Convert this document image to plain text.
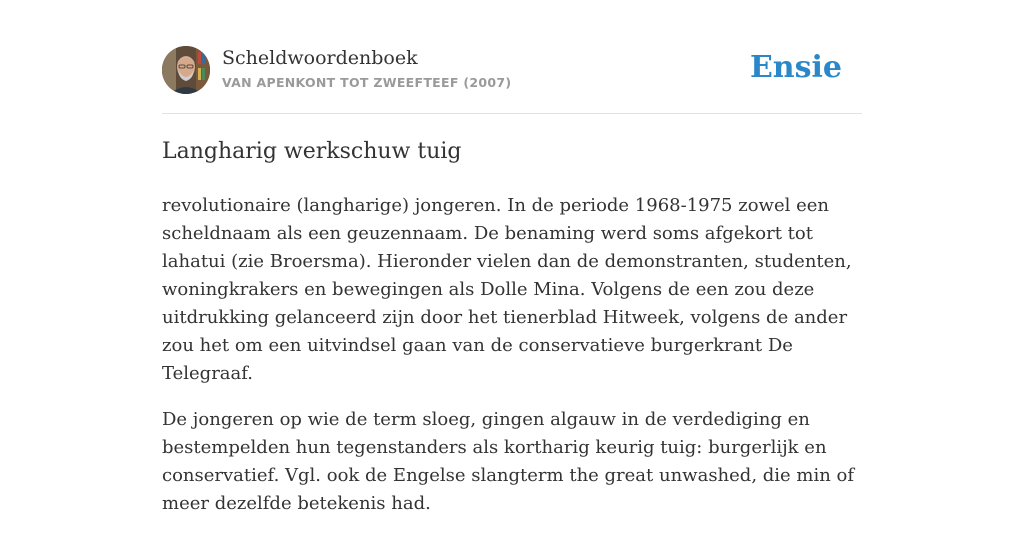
Scheldwoordenboek
VAN APENKONT TOT ZWEEFTEEF (2007)	Ensie
Langharig werkschuw tuig

revolutionaire (langharige) jongeren. In de periode 1968-1975 zowel een scheldnaam als een geuzennaam. De benaming werd soms afgekort tot lahatui (zie Broersma). Hieronder vielen dan de demonstranten, studenten, woningkrakers en bewegingen als Dolle Mina. Volgens de een zou deze uitdrukking gelanceerd zijn door het tienerblad Hitweek, volgens de ander zou het om een uitvindsel gaan van de conservatieve burgerkrant De Telegraaf.

De jongeren op wie de term sloeg, gingen algauw in de verdediging en bestempelden hun tegenstanders als kortharig keurig tuig: burgerlijk en conservatief. Vgl. ook de Engelse slangterm the great unwashed, die min of meer dezelfde betekenis had.
